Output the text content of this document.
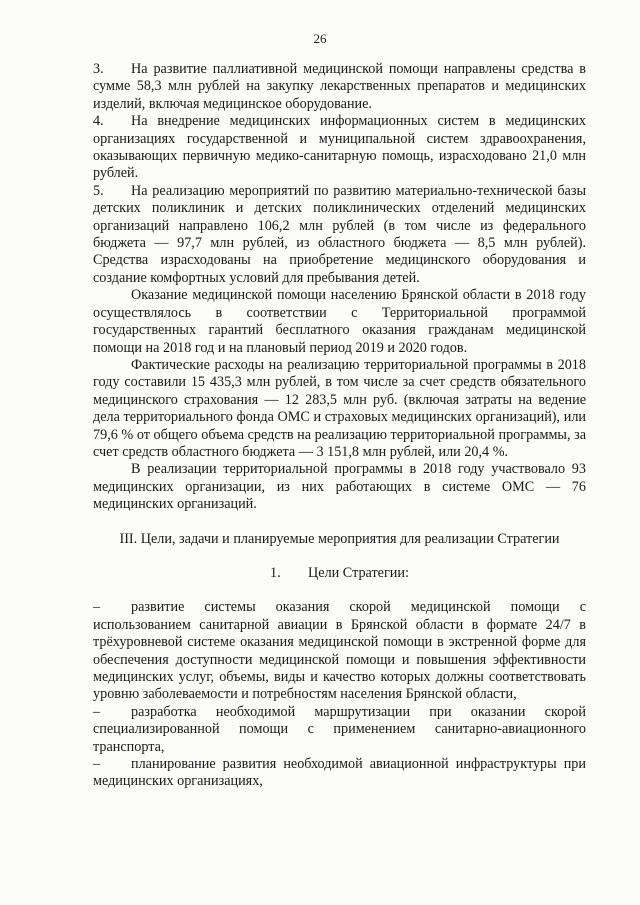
26

3. На развитие паллиативной медицинской помощи направлены средства в сумме 58,3 млн рублей на закупку лекарственных препаратов и медицинских изделий, включая медицинское оборудование.

4. На внедрение медицинских информационных систем в медицинских организациях государственной и муниципальной систем здравоохранения, оказывающих первичную медико-санитарную помощь, израсходовано 21,0 млн рублей.

5. На реализацию мероприятий по развитию материально-технической базы детских поликлиник и детских поликлинических отделений медицинских организаций направлено 106,2 млн рублей (в том числе из федерального бюджета — 97,7 млн рублей, из областного бюджета — 8,5 млн рублей). Средства израсходованы на приобретение медицинского оборудования и создание комфортных условий для пребывания детей.

Оказание медицинской помощи населению Брянской области в 2018 году осуществлялось в соответствии с Территориальной программой государственных гарантий бесплатного оказания гражданам медицинской помощи на 2018 год и на плановый период 2019 и 2020 годов.

Фактические расходы на реализацию территориальной программы в 2018 году составили 15 435,3 млн рублей, в том числе за счет средств обязательного медицинского страхования — 12 283,5 млн руб. (включая затраты на ведение дела территориального фонда ОМС и страховых медицинских организаций), или 79,6 % от общего объема средств на реализацию территориальной программы, за счет средств областного бюджета — 3 151,8 млн рублей, или 20,4 %.

В реализации территориальной программы в 2018 году участвовало 93 медицинских организации, из них работающих в системе ОМС — 76 медицинских организаций.

III. Цели, задачи и планируемые мероприятия для реализации Стратегии

1. Цели Стратегии:

– развитие системы оказания скорой медицинской помощи с использованием санитарной авиации в Брянской области в формате 24/7 в трёхуровневой системе оказания медицинской помощи в экстренной форме для обеспечения доступности медицинской помощи и повышения эффективности медицинских услуг, объемы, виды и качество которых должны соответствовать уровню заболеваемости и потребностям населения Брянской области,

– разработка необходимой маршрутизации при оказании скорой специализированной помощи с применением санитарно-авиационного транспорта,

– планирование развития необходимой авиационной инфраструктуры при медицинских организациях,
